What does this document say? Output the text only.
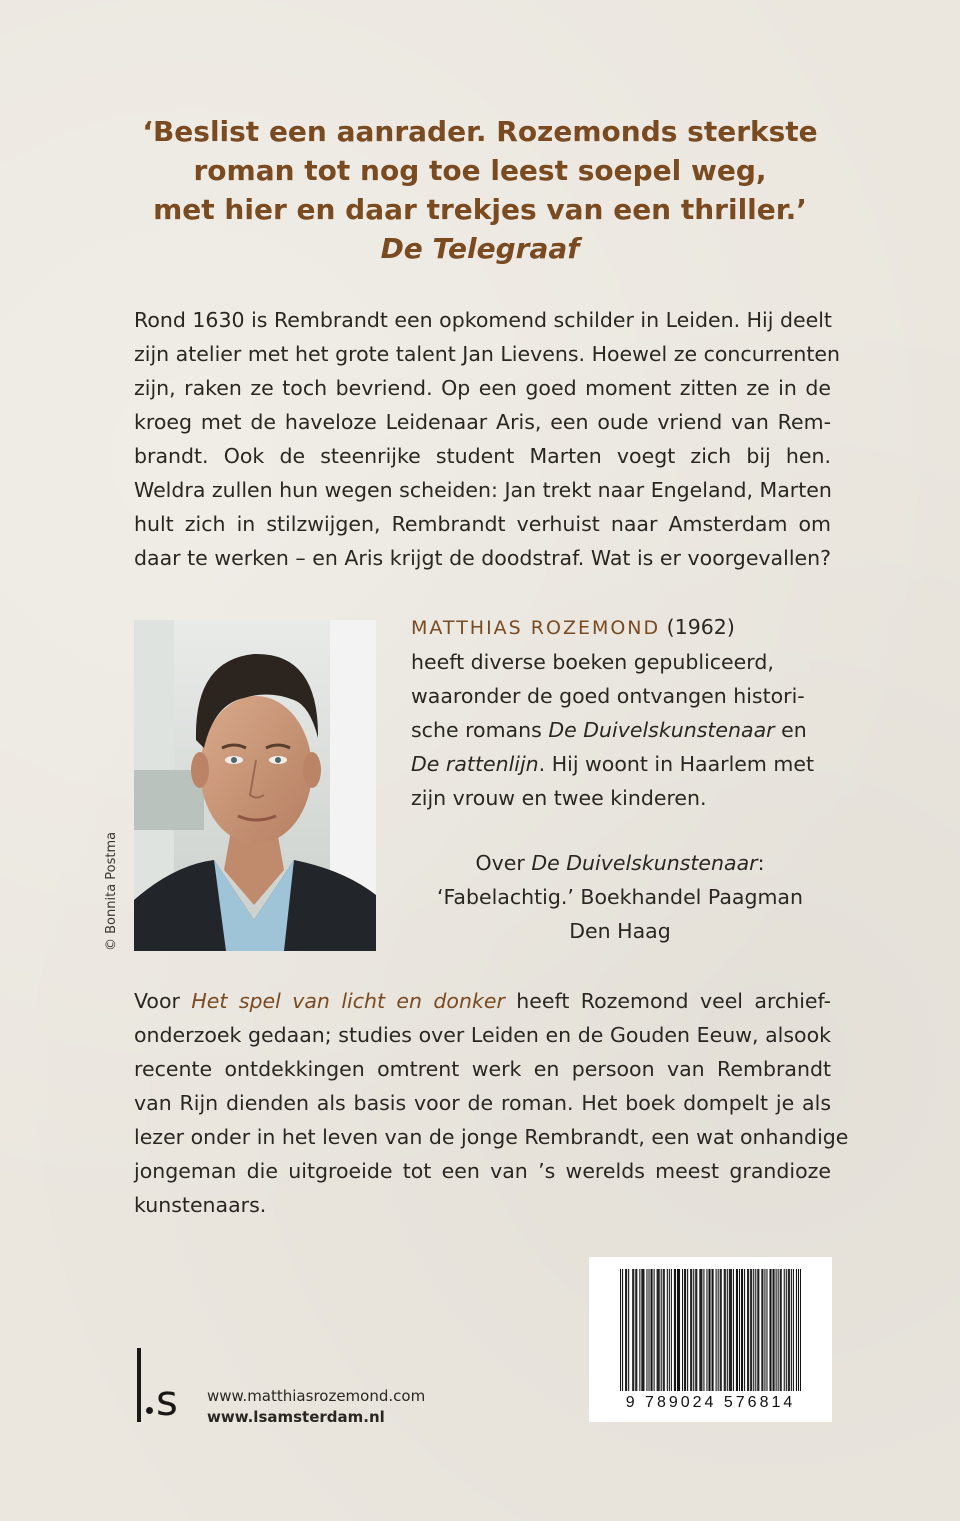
‘Beslist een aanrader. Rozemonds sterkste
roman tot nog toe leest soepel weg,
met hier en daar trekjes van een thriller.’
De Telegraaf
Rond 1630 is Rembrandt een opkomend schilder in Leiden. Hij deelt
zijn atelier met het grote talent Jan Lievens. Hoewel ze concurrenten
zijn, raken ze toch bevriend. Op een goed moment zitten ze in de
kroeg met de haveloze Leidenaar Aris, een oude vriend van Rem-
brandt. Ook de steenrijke student Marten voegt zich bij hen.
Weldra zullen hun wegen scheiden: Jan trekt naar Engeland, Marten
hult zich in stilzwijgen, Rembrandt verhuist naar Amsterdam om
daar te werken – en Aris krijgt de doodstraf. Wat is er voorgevallen?
© Bonnita Postma
MATTHIAS ROZEMOND (1962)
heeft diverse boeken gepubliceerd,
waaronder de goed ontvangen histori-
sche romans De Duivelskunstenaar en
De rattenlijn. Hij woont in Haarlem met
zijn vrouw en twee kinderen.
Over De Duivelskunstenaar:
‘Fabelachtig.’ Boekhandel Paagman
Den Haag
Voor Het spel van licht en donker heeft Rozemond veel archief-
onderzoek gedaan; studies over Leiden en de Gouden Eeuw, alsook
recente ontdekkingen omtrent werk en persoon van Rembrandt
van Rijn dienden als basis voor de roman. Het boek dompelt je als
lezer onder in het leven van de jonge Rembrandt, een wat onhandige
jongeman die uitgroeide tot een van ’s werelds meest grandioze
kunstenaars.
9 789024 576814
s www.matthiasrozemond.com
www.lsamsterdam.nl
